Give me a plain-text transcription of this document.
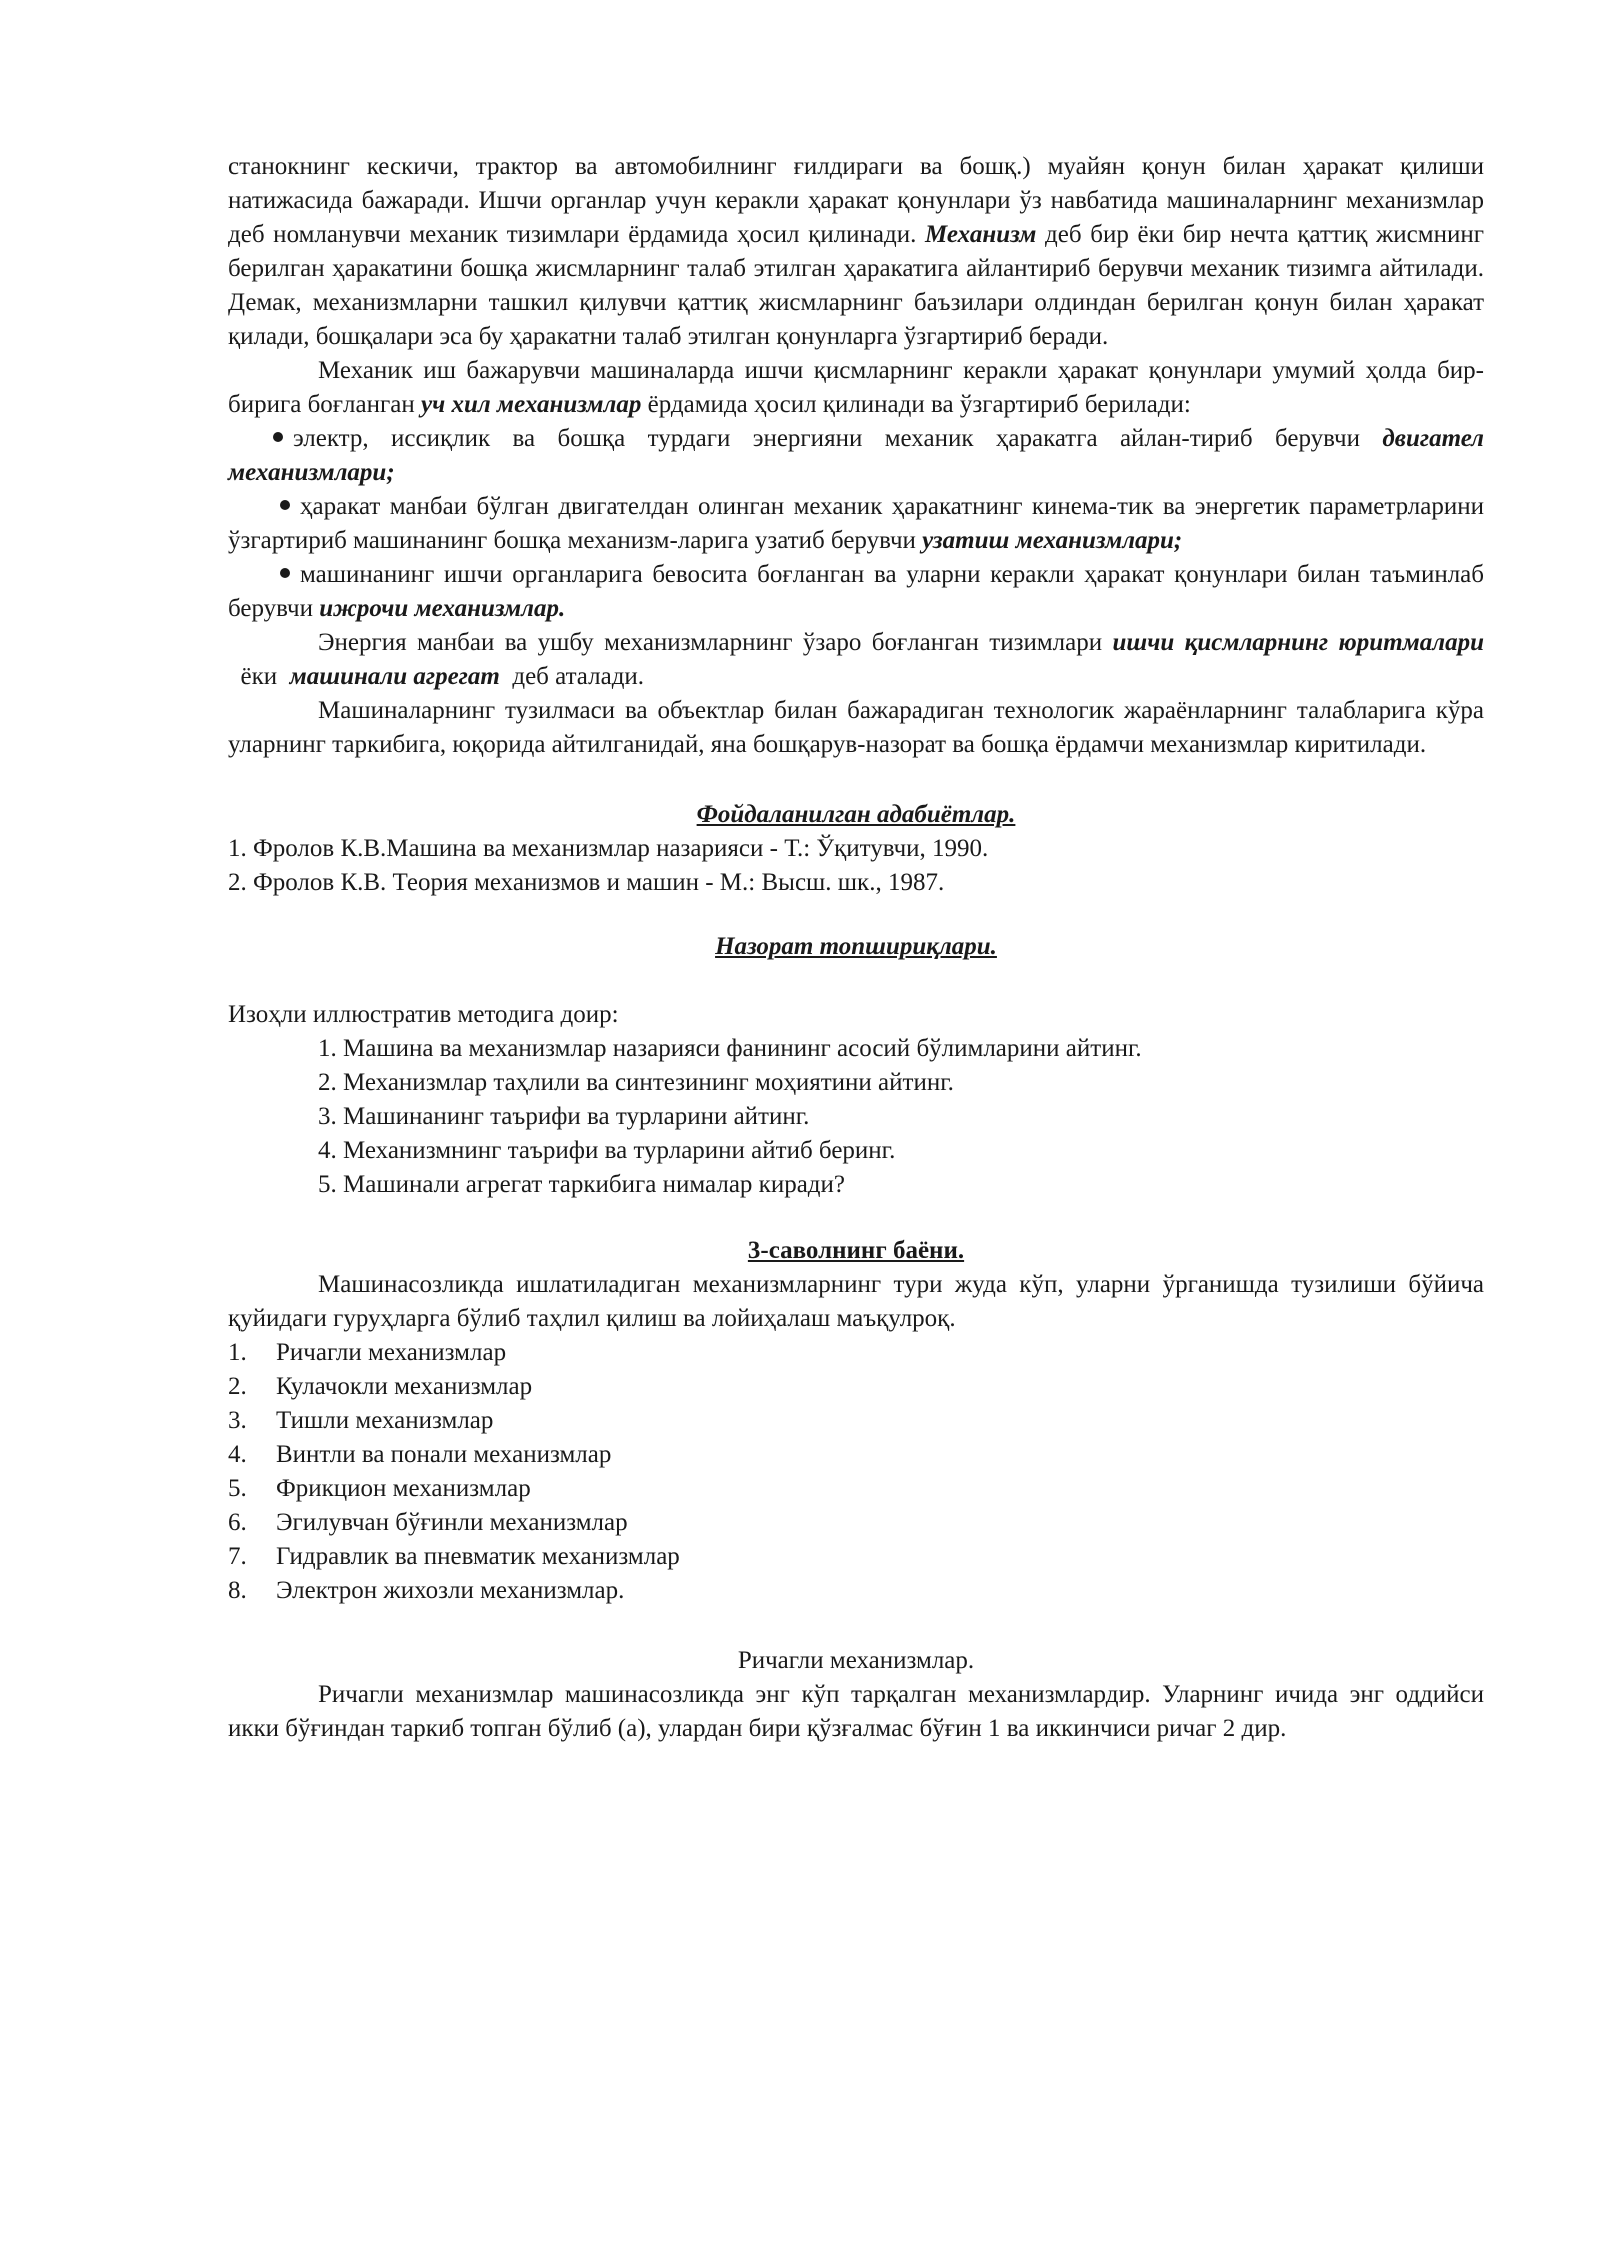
станокнинг кескичи, трактор ва автомобилнинг ғилдираги ва бошқ.) муайян қонун билан ҳаракат қилиши натижасида бажаради. Ишчи органлар учун керакли ҳаракат қонунлари ўз навбатида машиналарнинг механизмлар деб номланувчи механик тизимлари ёрдамида ҳосил қилинади. Механизм деб бир ёки бир нечта қаттиқ жисмнинг берилган ҳаракатини бошқа жисмларнинг талаб этилган ҳаракатига айлантириб берувчи механик тизимга айтилади. Демак, механизмларни ташкил қилувчи қаттиқ жисмларнинг баъзилари олдиндан берилган қонун билан ҳаракат қилади, бошқалари эса бу ҳаракатни талаб этилган қонунларга ўзгартириб беради.

Механик иш бажарувчи машиналарда ишчи қисмларнинг керакли ҳаракат қонунлари умумий ҳолда бир-бирига боғланган уч хил механизмлар ёрдамида ҳосил қилинади ва ўзгартириб берилади:

электр, иссиқлик ва бошқа турдаги энергияни механик ҳаракатга айлан-тириб берувчи двигател механизмлари;

ҳаракат манбаи бўлган двигателдан олинган механик ҳаракатнинг кинема-тик ва энергетик параметрларини ўзгартириб машинанинг бошқа механизм-ларига узатиб берувчи узатиш механизмлари;

машинанинг ишчи органларига бевосита боғланган ва уларни керакли ҳаракат қонунлари билан таъминлаб берувчи ижрочи механизмлар.

Энергия манбаи ва ушбу механизмларнинг ўзаро боғланган тизимлари ишчи қисмларнинг юритмалари  ёки  машинали агрегат  деб аталади.

Машиналарнинг тузилмаси ва объектлар билан бажарадиган технологик жараёнларнинг талабларига кўра уларнинг таркибига, юқорида айтилганидай, яна бошқарув-назорат ва бошқа ёрдамчи механизмлар киритилади.

Фойдаланилган адабиётлар.

1. Фролов К.В.Машина ва механизмлар назарияси - Т.: Ўқитувчи, 1990.

2. Фролов К.В. Теория механизмов и машин - М.: Высш. шк., 1987.

Назорат топшириқлари.

Изоҳли иллюстратив методига доир:

1. Машина ва механизмлар назарияси фанининг асосий бўлимларини айтинг.
2. Механизмлар таҳлили ва синтезининг моҳиятини айтинг.
3. Машинанинг таърифи ва турларини айтинг.
4. Механизмнинг таърифи ва турларини айтиб беринг.
5. Машинали агрегат таркибига нималар киради?

3-саволнинг баёни.

Машинасозликда ишлатиладиган механизмларнинг тури жуда кўп, уларни ўрганишда тузилиши бўйича қуйидаги гуруҳларга бўлиб таҳлил қилиш ва лойиҳалаш маъқулроқ.

1. Ричагли механизмлар
2. Кулачокли механизмлар
3. Тишли механизмлар
4. Винтли ва понали механизмлар
5. Фрикцион механизмлар
6. Эгилувчан бўғинли механизмлар
7. Гидравлик ва пневматик механизмлар
8. Электрон жихозли механизмлар.

Ричагли механизмлар.

Ричагли механизмлар машинасозликда энг кўп тарқалган механизмлардир. Уларнинг ичида энг оддийси икки бўғиндан таркиб топган бўлиб (а), улардан бири қўзғалмас бўғин 1 ва иккинчиси ричаг 2 дир.
